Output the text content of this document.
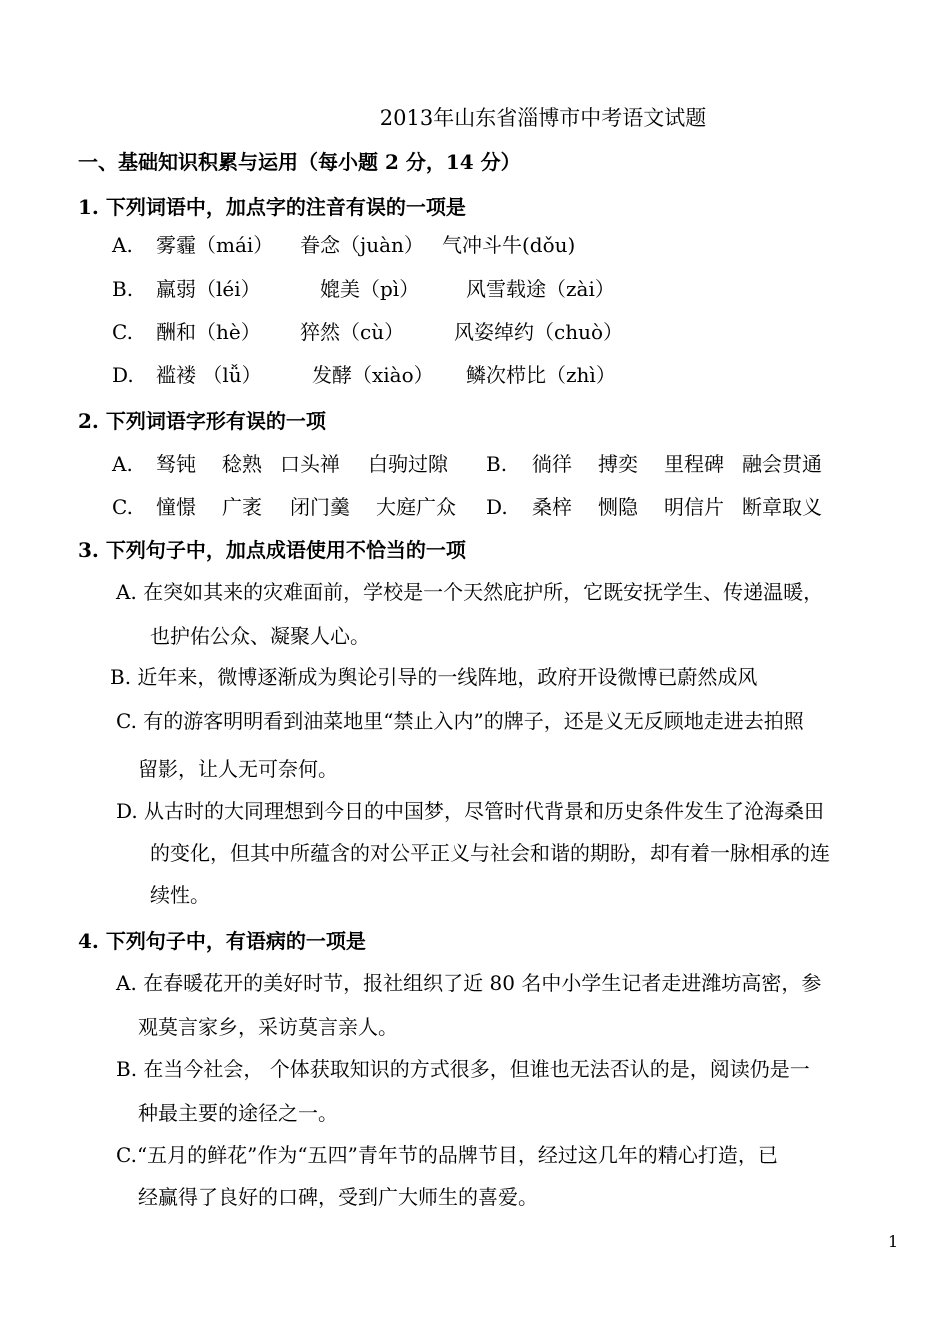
2013年山东省淄博市中考语文试题
一、基础知识积累与运用（每小题 2 分，14 分）
1. 下列词语中，加点字的注音有误的一项是
A. 雾霾（mái） 眷念（juàn） 气冲斗牛(dǒu)
B. 羸弱（léi）	媲美（pì） 风雪载途（zài）
C. 酬和（hè） 猝然（cù） 风姿绰约（chuò）
D. 褴褛 （lǚ）	发酵（xiào） 鳞次栉比（zhì）
2. 下列词语字形有误的一项
A. 驽钝 稔熟 口头禅 白驹过隙 B. 徜徉 搏奕 里程碑 融会贯通
C. 憧憬 广袤 闭门羹 大庭广众 D. 桑梓 恻隐 明信片 断章取义
3. 下列句子中，加点成语使用不恰当的一项
A. 在突如其来的灾难面前，学校是一个天然庇护所，它既安抚学生、传递温暖，
也护佑公众、凝聚人心。
B. 近年来，微博逐渐成为舆论引导的一线阵地，政府开设微博已蔚然成风
C. 有的游客明明看到油菜地里“禁止入内”的牌子，还是义无反顾地走进去拍照
留影，让人无可奈何。
D. 从古时的大同理想到今日的中国梦，尽管时代背景和历史条件发生了沧海桑田
的变化，但其中所蕴含的对公平正义与社会和谐的期盼，却有着一脉相承的连
续性。
4. 下列句子中，有语病的一项是
A. 在春暖花开的美好时节，报社组织了近 80 名中小学生记者走进潍坊高密，参
观莫言家乡，采访莫言亲人。
B. 在当今社会， 个体获取知识的方式很多，但谁也无法否认的是，阅读仍是一
种最主要的途径之一。
C.“五月的鲜花”作为“五四”青年节的品牌节目，经过这几年的精心打造，已
经赢得了良好的口碑，受到广大师生的喜爱。
1
